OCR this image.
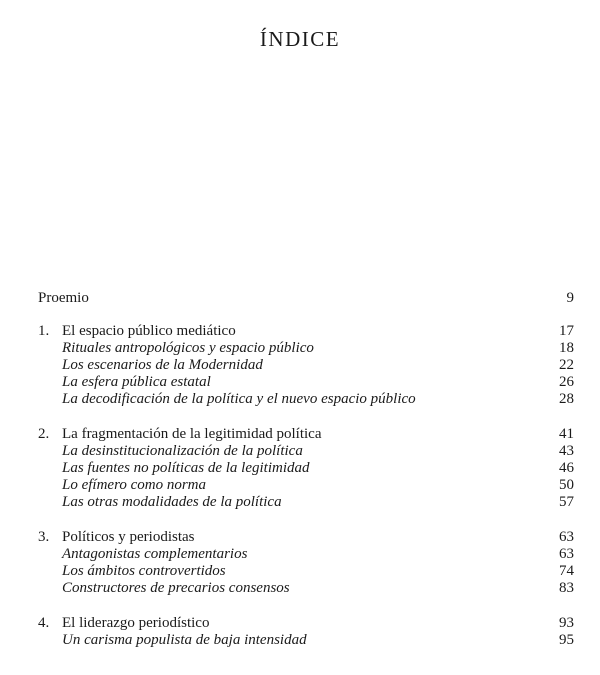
ÍNDICE
Proemio	9
1. El espacio público mediático	17
Rituales antropológicos y espacio público	18
Los escenarios de la Modernidad	22
La esfera pública estatal	26
La decodificación de la política y el nuevo espacio público	28
2. La fragmentación de la legitimidad política	41
La desinstitucionalización de la política	43
Las fuentes no políticas de la legitimidad	46
Lo efímero como norma	50
Las otras modalidades de la política	57
3. Políticos y periodistas	63
Antagonistas complementarios	63
Los ámbitos controvertidos	74
Constructores de precarios consensos	83
4. El liderazgo periodístico	93
Un carisma populista de baja intensidad	95
